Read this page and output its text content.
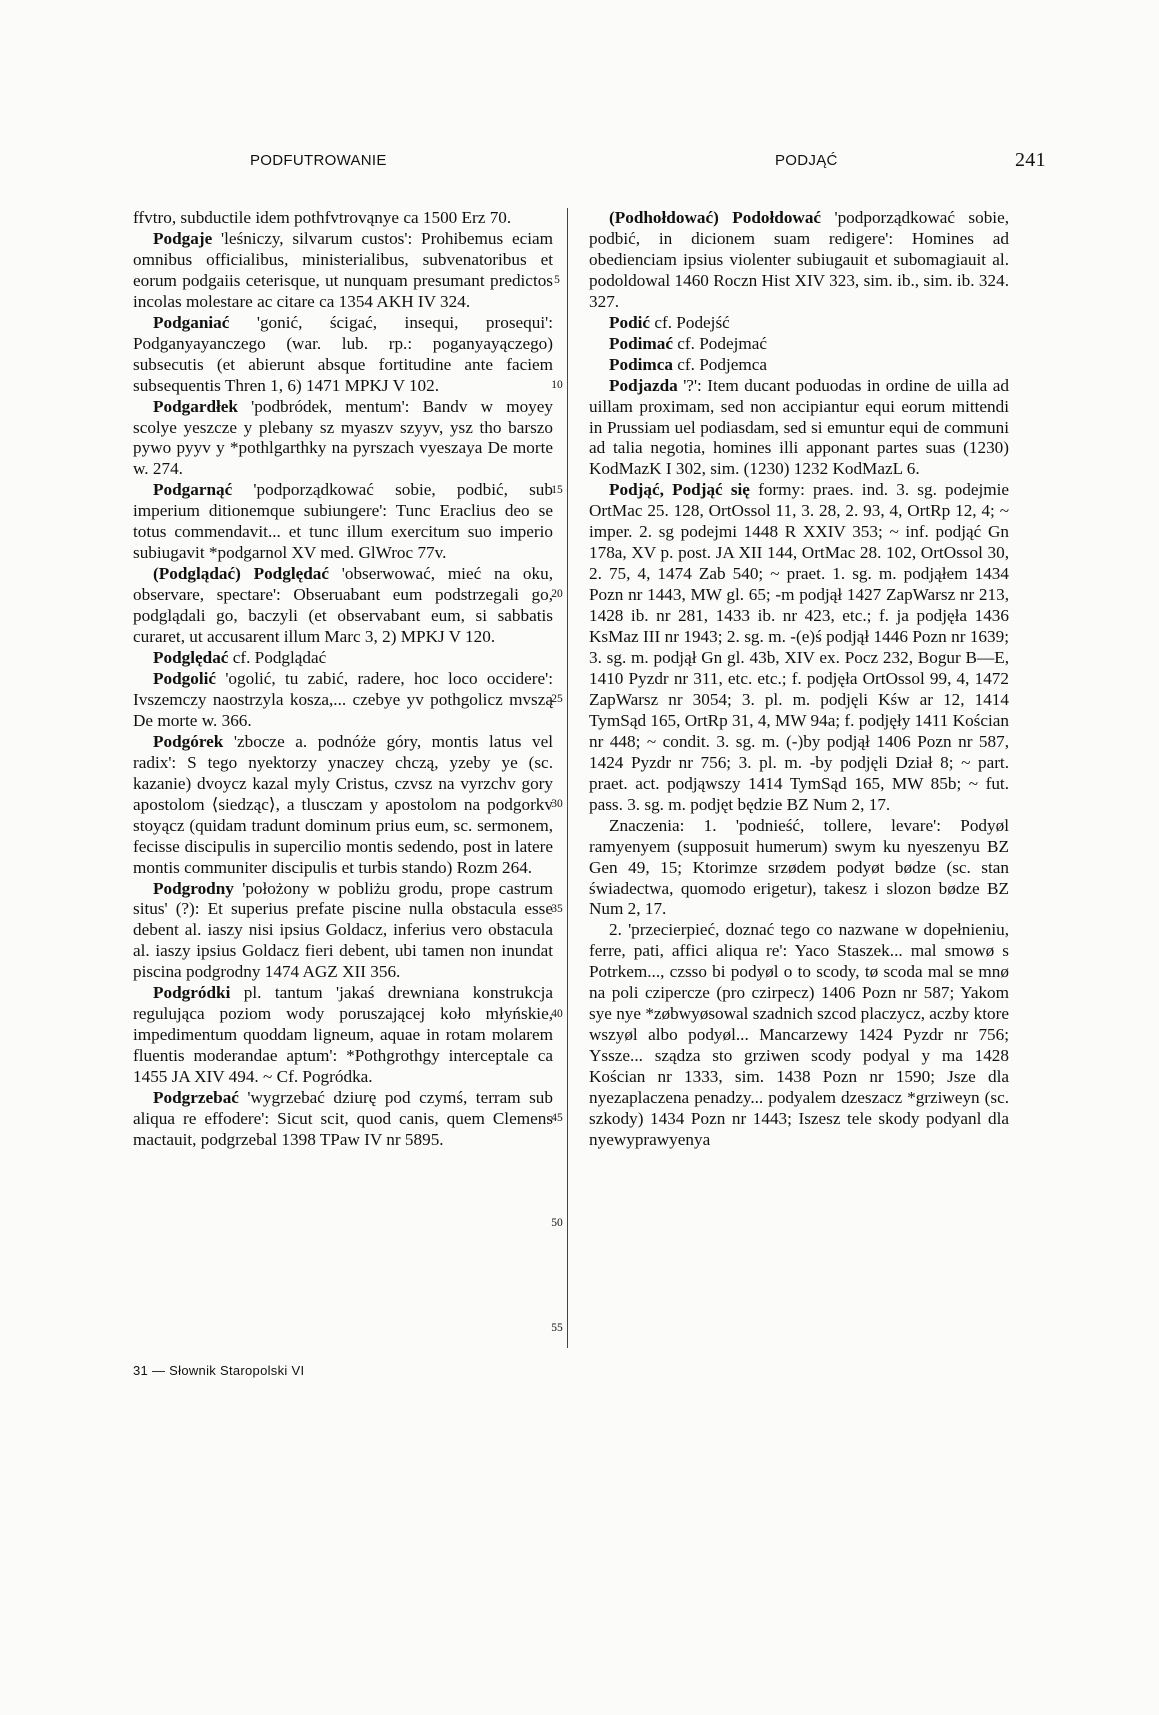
PODFUTROWANIE	PODJĄĆ	241

ffvtro, subductile idem pothfvtrovąnye ca 1500 Erz 70.

Podgaje 'leśniczy, silvarum custos': Prohibemus eciam omnibus officialibus, ministerialibus, subvenatoribus et eorum podgaiis ceterisque, ut nunquam presumant predictos incolas molestare ac citare ca 1354 AKH IV 324.

Podganiać 'gonić, ścigać, insequi, prosequi': Podganyayanczego (war. lub. rp.: poganyayączego) subsecutis (et abierunt absque fortitudine ante faciem subsequentis Thren 1, 6) 1471 MPKJ V 102.

Podgardłek 'podbródek, mentum': Bandv w moyey scolye yeszcze y plebany sz myaszv szyyv, ysz tho barszo pywo pyyv y *pothlgarthky na pyrszach vyeszaya De morte w. 274.

Podgarnąć 'podporządkować sobie, podbić, sub imperium ditionemque subiungere': Tunc Eraclius deo se totus commendavit... et tunc illum exercitum suo imperio subiugavit *podgarnol XV med. GlWroc 77v.

(Podglądać) Podględać 'obserwować, mieć na oku, observare, spectare': Obseruabant eum podstrzegali go, podglądali go, baczyli (et observabant eum, si sabbatis curaret, ut accusarent illum Marc 3, 2) MPKJ V 120.

Podględać cf. Podglądać

Podgolić 'ogolić, tu zabić, radere, hoc loco occidere': Ivszemczy naostrzyla kosza,... czebye yv pothgolicz mvszą De morte w. 366.

Podgórek 'zbocze a. podnóże góry, montis latus vel radix': S tego nyektorzy ynaczey chczą, yzeby ye (sc. kazanie) dvoycz kazal myly Cristus, czvsz na vyrzchv gory apostolom ⟨siedząc⟩, a tlusczam y apostolom na podgorkv stoyącz (quidam tradunt dominum prius eum, sc. sermonem, fecisse discipulis in supercilio montis sedendo, post in latere montis communiter discipulis et turbis stando) Rozm 264.

Podgrodny 'położony w pobliżu grodu, prope castrum situs' (?): Et superius prefate piscine nulla obstacula esse debent al. iaszy nisi ipsius Goldacz, inferius vero obstacula al. iaszy ipsius Goldacz fieri debent, ubi tamen non inundat piscina podgrodny 1474 AGZ XII 356.

Podgródki pl. tantum 'jakaś drewniana konstrukcja regulująca poziom wody poruszającej koło młyńskie, impedimentum quoddam ligneum, aquae in rotam molarem fluentis moderandae aptum': *Pothgrothgy interceptale ca 1455 JA XIV 494. ~ Cf. Pogródka.

Podgrzebać 'wygrzebać dziurę pod czymś, terram sub aliqua re effodere': Sicut scit, quod canis, quem Clemens mactauit, podgrzebal 1398 TPaw IV nr 5895.

5
10
15
20
25
30
35
40
45
50
55

(Podhołdować) Podołdować 'podporządkować sobie, podbić, in dicionem suam redigere': Homines ad obedienciam ipsius violenter subiugauit et subomagiauit al. podoldowal 1460 Roczn Hist XIV 323, sim. ib., sim. ib. 324. 327.

Podić cf. Podejść

Podimać cf. Podejmać

Podimca cf. Podjemca

Podjazda '?': Item ducant poduodas in ordine de uilla ad uillam proximam, sed non accipiantur equi eorum mittendi in Prussiam uel podiasdam, sed si emuntur equi de communi ad talia negotia, homines illi apponant partes suas (1230) KodMazK I 302, sim. (1230) 1232 KodMazL 6.

Podjąć, Podjąć się formy: praes. ind. 3. sg. podejmie OrtMac 25. 128, OrtOssol 11, 3. 28, 2. 93, 4, OrtRp 12, 4; ~ imper. 2. sg podejmi 1448 R XXIV 353; ~ inf. podjąć Gn 178a, XV p. post. JA XII 144, OrtMac 28. 102, OrtOssol 30, 2. 75, 4, 1474 Zab 540; ~ praet. 1. sg. m. podjąłem 1434 Pozn nr 1443, MW gl. 65; -m podjął 1427 ZapWarsz nr 213, 1428 ib. nr 281, 1433 ib. nr 423, etc.; f. ja podjęła 1436 KsMaz III nr 1943; 2. sg. m. -(e)ś podjął 1446 Pozn nr 1639; 3. sg. m. podjął Gn gl. 43b, XIV ex. Pocz 232, Bogur B—E, 1410 Pyzdr nr 311, etc. etc.; f. podjęła OrtOssol 99, 4, 1472 ZapWarsz nr 3054; 3. pl. m. podjęli Kśw ar 12, 1414 TymSąd 165, OrtRp 31, 4, MW 94a; f. podjęły 1411 Kościan nr 448; ~ condit. 3. sg. m. (-)by podjął 1406 Pozn nr 587, 1424 Pyzdr nr 756; 3. pl. m. -by podjęli Dział 8; ~ part. praet. act. podjąwszy 1414 TymSąd 165, MW 85b; ~ fut. pass. 3. sg. m. podjęt będzie BZ Num 2, 17.

Znaczenia: 1. 'podnieść, tollere, levare': Podyøl ramyenyem (supposuit humerum) swym ku nyeszenyu BZ Gen 49, 15; Ktorimze srzødem podyøt bødze (sc. stan świadectwa, quomodo erigetur), takesz i slozon bødze BZ Num 2, 17.

2. 'przecierpieć, doznać tego co nazwane w dopełnieniu, ferre, pati, affici aliqua re': Yaco Staszek... mal smowø s Potrkem..., czsso bi podyøl o to scody, tø scoda mal se mnø na poli czipercze (pro czirpecz) 1406 Pozn nr 587; Yakom sye nye *zøbwyøsowal szadnich szcod placzycz, aczby ktore wszyøl albo podyøl... Mancarzewy 1424 Pyzdr nr 756; Yssze... sządza sto grziwen scody podyal y ma 1428 Kościan nr 1333, sim. 1438 Pozn nr 1590; Jsze dla nyezaplaczena penadzy... podyalem dzeszacz *grziweyn (sc. szkody) 1434 Pozn nr 1443; Iszesz tele skody podyanl dla nyewyprawyenya

31 — Słownik Staropolski VI
